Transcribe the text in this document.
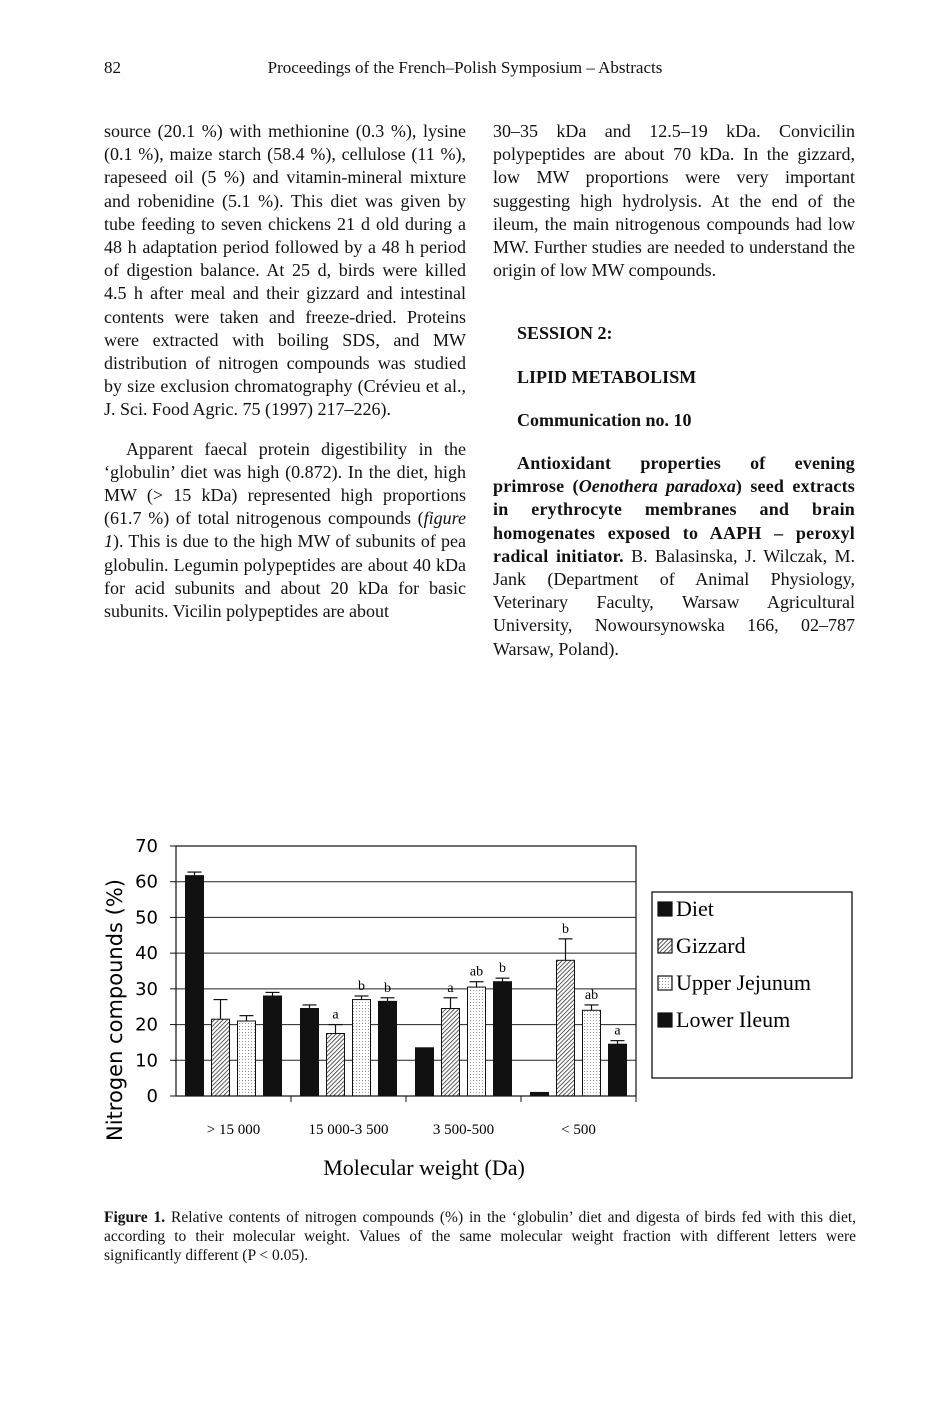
82	Proceedings of the French–Polish Symposium – Abstracts

source (20.1 %) with methionine (0.3 %), lysine (0.1 %), maize starch (58.4 %), cellulose (11 %), rapeseed oil (5 %) and vitamin-mineral mixture and robenidine (5.1 %). This diet was given by tube feeding to seven chickens 21 d old during a 48 h adaptation period followed by a 48 h period of digestion balance. At 25 d, birds were killed 4.5 h after meal and their gizzard and intestinal contents were taken and freeze-dried. Proteins were extracted with boiling SDS, and MW distribution of nitrogen compounds was studied by size exclusion chromatography (Crévieu et al., J. Sci. Food Agric. 75 (1997) 217–226).

Apparent faecal protein digestibility in the ‘globulin’ diet was high (0.872). In the diet, high MW (> 15 kDa) represented high proportions (61.7 %) of total nitrogenous compounds (figure 1). This is due to the high MW of subunits of pea globulin. Legumin polypeptides are about 40 kDa for acid subunits and about 20 kDa for basic subunits. Vicilin polypeptides are about

30–35 kDa and 12.5–19 kDa. Convicilin polypeptides are about 70 kDa. In the gizzard, low MW proportions were very important suggesting high hydrolysis. At the end of the ileum, the main nitrogenous compounds had low MW. Further studies are needed to understand the origin of low MW compounds.

SESSION 2:
LIPID METABOLISM
Communication no. 10

Antioxidant properties of evening primrose (Oenothera paradoxa) seed extracts in erythrocyte membranes and brain homogenates exposed to AAPH – peroxyl radical initiator. B. Balasinska, J. Wilczak, M. Jank (Department of Animal Physiology, Veterinary Faculty, Warsaw Agricultural University, Nowoursynowska 166, 02–787 Warsaw, Poland).

a
b b	a
ab b
b
ab
a
0
10
20
30
40
50
60
70
> 15 000	15 000-3 500	3 500-500	< 500
Nitrogen compounds (%)
Molecular weight (Da)
Diet
Gizzard
Upper Jejunum
Lower Ileum
Figure 1. Relative contents of nitrogen compounds (%) in the ‘globulin’ diet and digesta of birds fed with this diet, according to their molecular weight. Values of the same molecular weight fraction with different letters were significantly different (P < 0.05).
